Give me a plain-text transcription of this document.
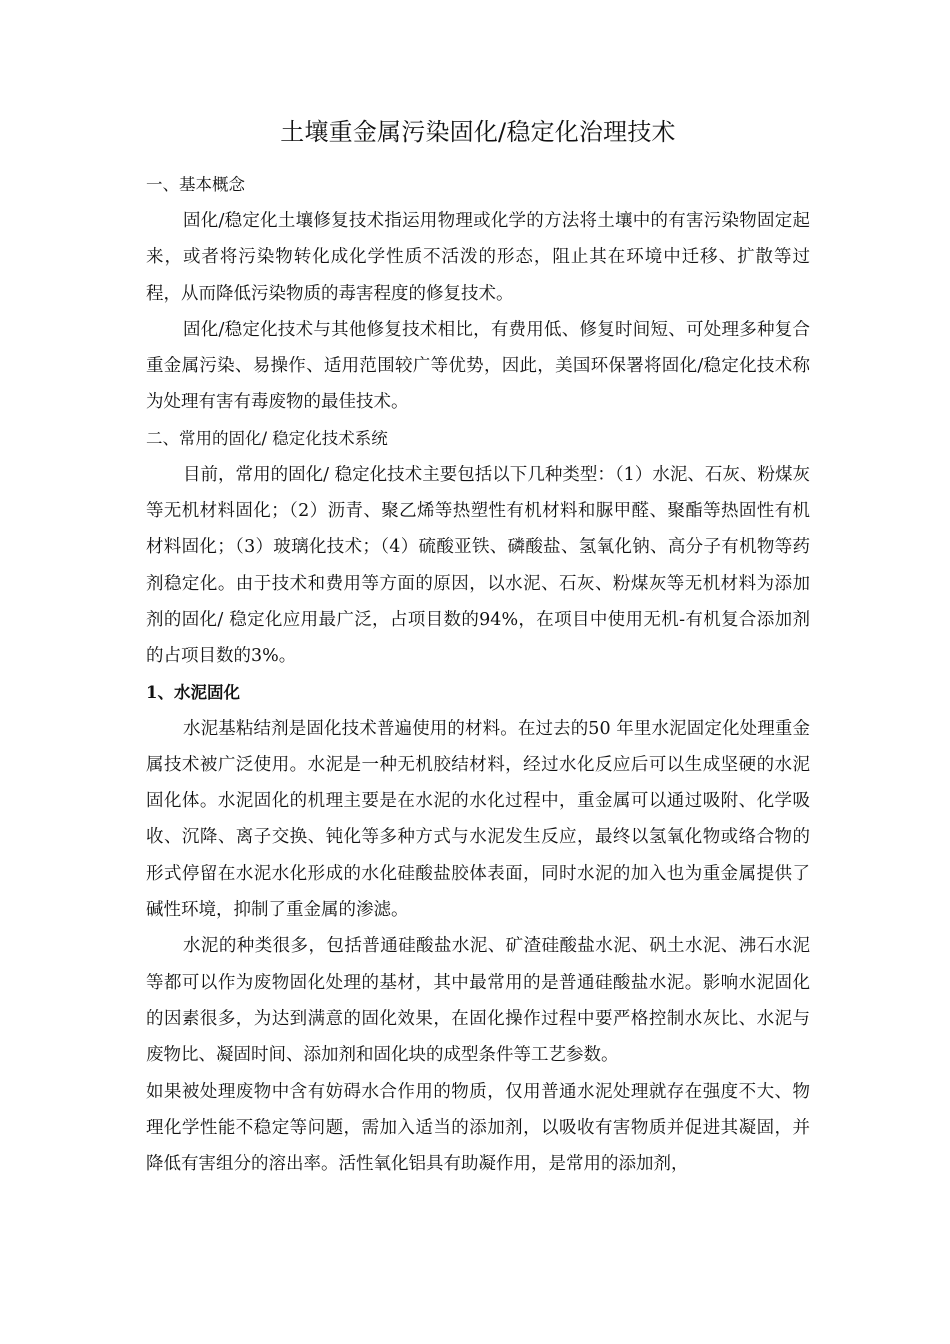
土壤重金属污染固化/稳定化治理技术
一、基本概念

固化/稳定化土壤修复技术指运用物理或化学的方法将土壤中的有害污染物固定起来，或者将污染物转化成化学性质不活泼的形态，阻止其在环境中迁移、扩散等过程，从而降低污染物质的毒害程度的修复技术。

固化/稳定化技术与其他修复技术相比，有费用低、修复时间短、可处理多种复合重金属污染、易操作、适用范围较广等优势，因此，美国环保署将固化/稳定化技术称为处理有害有毒废物的最佳技术。

二、常用的固化/ 稳定化技术系统

目前，常用的固化/ 稳定化技术主要包括以下几种类型：（1）水泥、石灰、粉煤灰等无机材料固化；（2）沥青、聚乙烯等热塑性有机材料和脲甲醛、聚酯等热固性有机材料固化；（3）玻璃化技术；（4）硫酸亚铁、磷酸盐、氢氧化钠、高分子有机物等药剂稳定化。由于技术和费用等方面的原因，以水泥、石灰、粉煤灰等无机材料为添加剂的固化/ 稳定化应用最广泛，占项目数的94%，在项目中使用无机-有机复合添加剂的占项目数的3%。

1、水泥固化

水泥基粘结剂是固化技术普遍使用的材料。在过去的50 年里水泥固定化处理重金属技术被广泛使用。水泥是一种无机胶结材料，经过水化反应后可以生成坚硬的水泥固化体。水泥固化的机理主要是在水泥的水化过程中，重金属可以通过吸附、化学吸收、沉降、离子交换、钝化等多种方式与水泥发生反应，最终以氢氧化物或络合物的形式停留在水泥水化形成的水化硅酸盐胶体表面，同时水泥的加入也为重金属提供了碱性环境，抑制了重金属的渗滤。

水泥的种类很多，包括普通硅酸盐水泥、矿渣硅酸盐水泥、矾土水泥、沸石水泥等都可以作为废物固化处理的基材，其中最常用的是普通硅酸盐水泥。影响水泥固化的因素很多，为达到满意的固化效果，在固化操作过程中要严格控制水灰比、水泥与废物比、凝固时间、添加剂和固化块的成型条件等工艺参数。

如果被处理废物中含有妨碍水合作用的物质，仅用普通水泥处理就存在强度不大、物理化学性能不稳定等问题，需加入适当的添加剂，以吸收有害物质并促进其凝固，并降低有害组分的溶出率。活性氧化铝具有助凝作用，是常用的添加剂，
